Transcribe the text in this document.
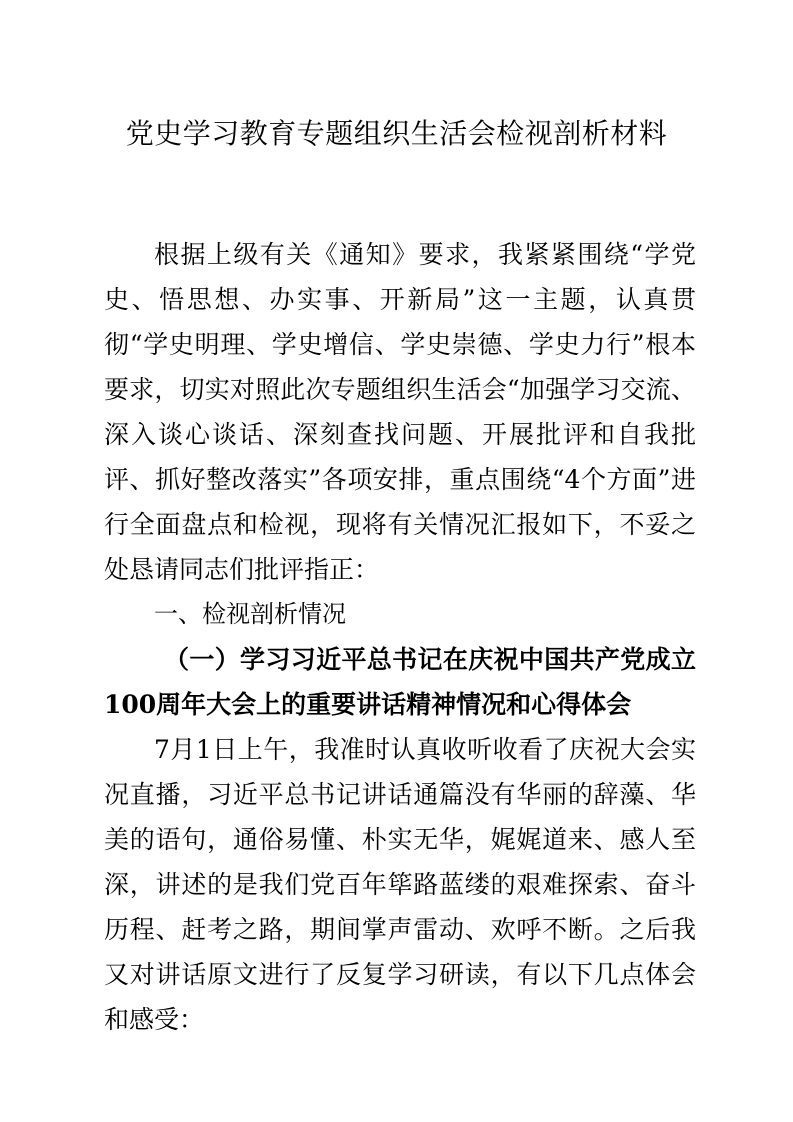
党史学习教育专题组织生活会检视剖析材料

根据上级有关《通知》要求，我紧紧围绕“学党史、悟思想、办实事、开新局”这一主题，认真贯彻“学史明理、学史增信、学史崇德、学史力行”根本要求，切实对照此次专题组织生活会“加强学习交流、深入谈心谈话、深刻查找问题、开展批评和自我批评、抓好整改落实”各项安排，重点围绕“4个方面”进行全面盘点和检视，现将有关情况汇报如下，不妥之处恳请同志们批评指正：

一、检视剖析情况

（一）学习习近平总书记在庆祝中国共产党成立100周年大会上的重要讲话精神情况和心得体会

7月1日上午，我准时认真收听收看了庆祝大会实况直播，习近平总书记讲话通篇没有华丽的辞藻、华美的语句，通俗易懂、朴实无华，娓娓道来、感人至深，讲述的是我们党百年筚路蓝缕的艰难探索、奋斗历程、赶考之路，期间掌声雷动、欢呼不断。之后我又对讲话原文进行了反复学习研读，有以下几点体会和感受：
